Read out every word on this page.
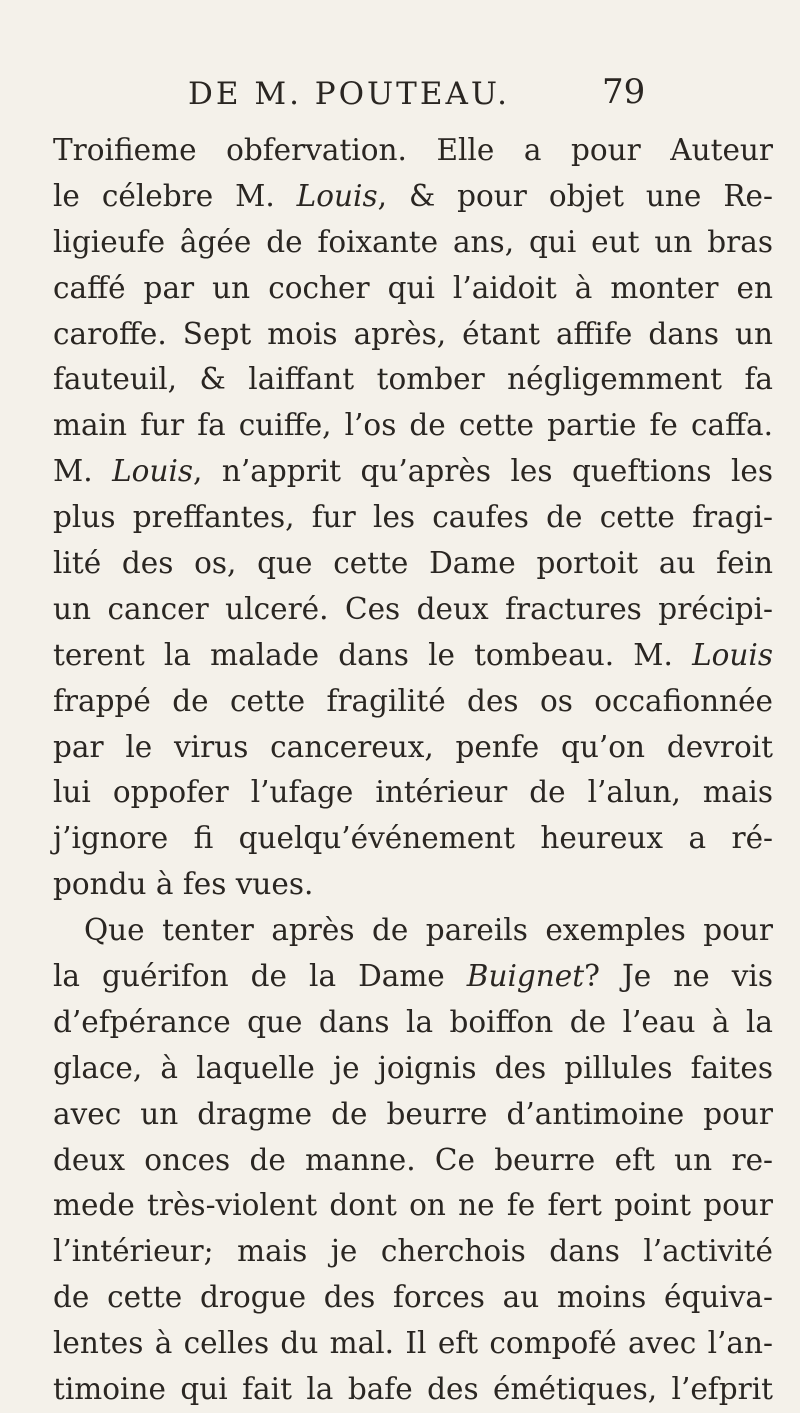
DE M. POUTEAU.	79
Troifieme obfervation. Elle a pour Auteur
le célebre M. Louis, & pour objet une Re-
ligieufe âgée de foixante ans, qui eut un bras
caffé par un cocher qui l’aidoit à monter en
caroffe. Sept mois après, étant affife dans un
fauteuil, & laiffant tomber négligemment fa
main fur fa cuiffe, l’os de cette partie fe caffa.
M. Louis, n’apprit qu’après les queftions les
plus preffantes, fur les caufes de cette fragi-
lité des os, que cette Dame portoit au fein
un cancer ulceré. Ces deux fractures précipi-
terent la malade dans le tombeau. M. Louis
frappé de cette fragilité des os occafionnée
par le virus cancereux, penfe qu’on devroit
lui oppofer l’ufage intérieur de l’alun, mais
j’ignore fi quelqu’événement heureux a ré-
pondu à fes vues.
Que tenter après de pareils exemples pour
la guérifon de la Dame Buignet? Je ne vis
d’efpérance que dans la boiffon de l’eau à la
glace, à laquelle je joignis des pillules faites
avec un dragme de beurre d’antimoine pour
deux onces de manne. Ce beurre eft un re-
mede très-violent dont on ne fe fert point pour
l’intérieur; mais je cherchois dans l’activité
de cette drogue des forces au moins équiva-
lentes à celles du mal. Il eft compofé avec l’an-
timoine qui fait la bafe des émétiques, l’efprit
